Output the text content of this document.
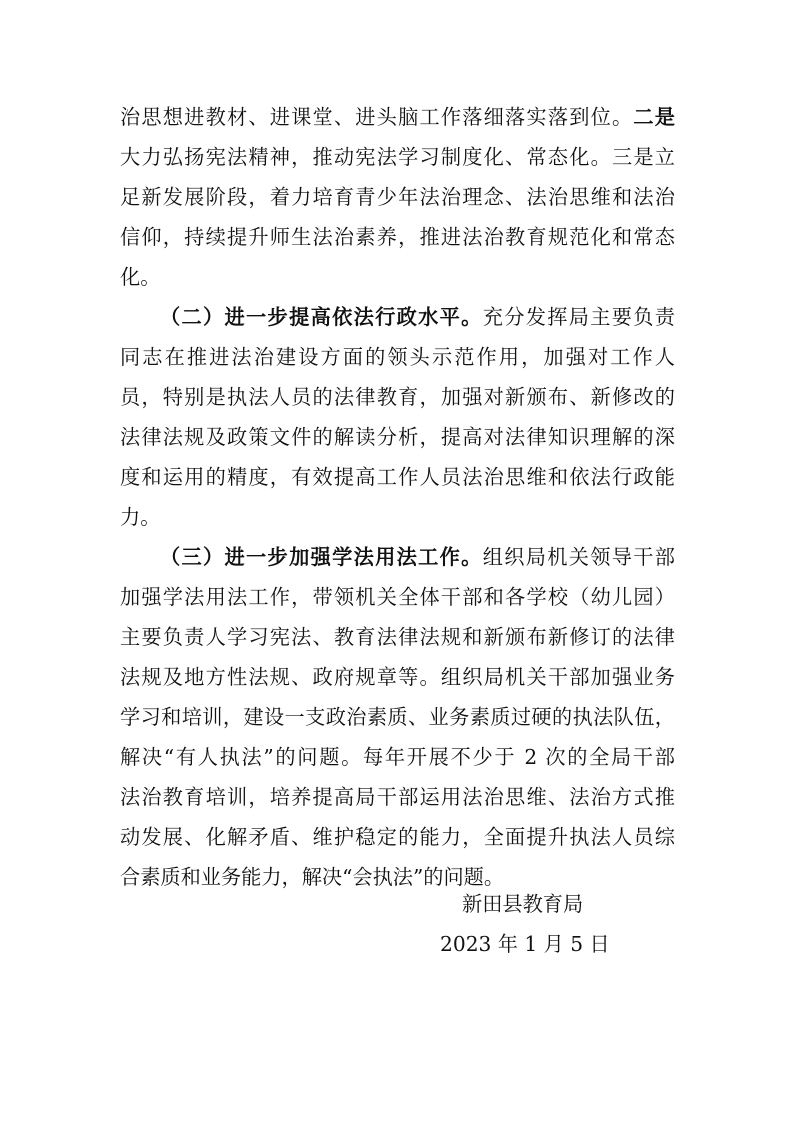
治思想进教材、进课堂、进头脑工作落细落实落到位。二是
大力弘扬宪法精神，推动宪法学习制度化、常态化。三是立
足新发展阶段，着力培育青少年法治理念、法治思维和法治
信仰，持续提升师生法治素养，推进法治教育规范化和常态
化。
（二）进一步提高依法行政水平。充分发挥局主要负责
同志在推进法治建设方面的领头示范作用，加强对工作人
员，特别是执法人员的法律教育，加强对新颁布、新修改的
法律法规及政策文件的解读分析，提高对法律知识理解的深
度和运用的精度，有效提高工作人员法治思维和依法行政能
力。
（三）进一步加强学法用法工作。组织局机关领导干部
加强学法用法工作，带领机关全体干部和各学校（幼儿园）
主要负责人学习宪法、教育法律法规和新颁布新修订的法律
法规及地方性法规、政府规章等。组织局机关干部加强业务
学习和培训，建设一支政治素质、业务素质过硬的执法队伍，
解决“有人执法”的问题。每年开展不少于 2 次的全局干部
法治教育培训，培养提高局干部运用法治思维、法治方式推
动发展、化解矛盾、维护稳定的能力，全面提升执法人员综
合素质和业务能力，解决“会执法”的问题。
新田县教育局
2023 年 1 月 5 日
